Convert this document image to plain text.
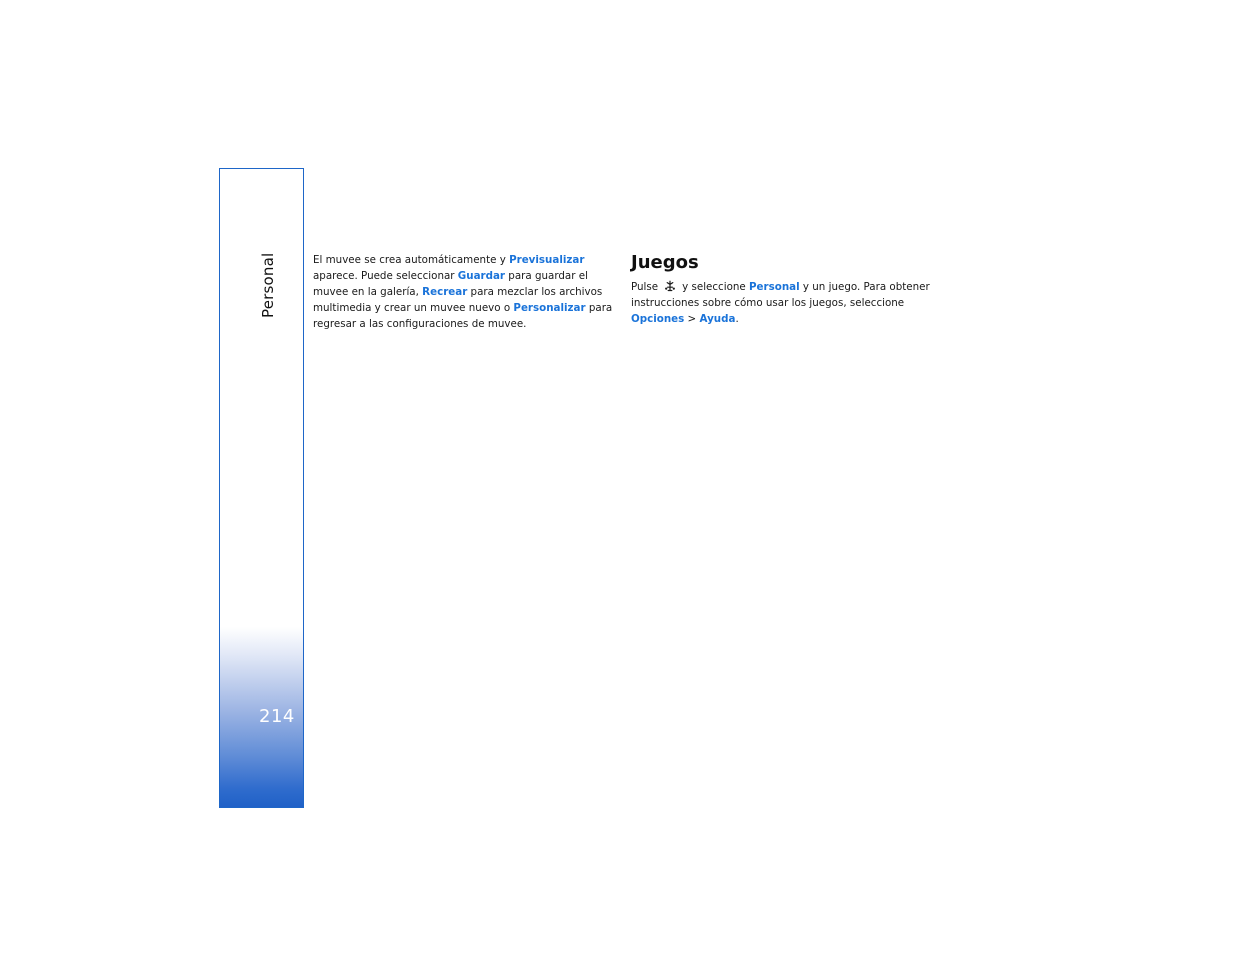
Personal
214

El muvee se crea automáticamente y Previsualizar aparece. Puede seleccionar Guardar para guardar el muvee en la galería, Recrear para mezclar los archivos multimedia y crear un muvee nuevo o Personalizar para regresar a las configuraciones de muvee.

Juegos

Pulse y seleccione Personal y un juego. Para obtener instrucciones sobre cómo usar los juegos, seleccione Opciones > Ayuda.
